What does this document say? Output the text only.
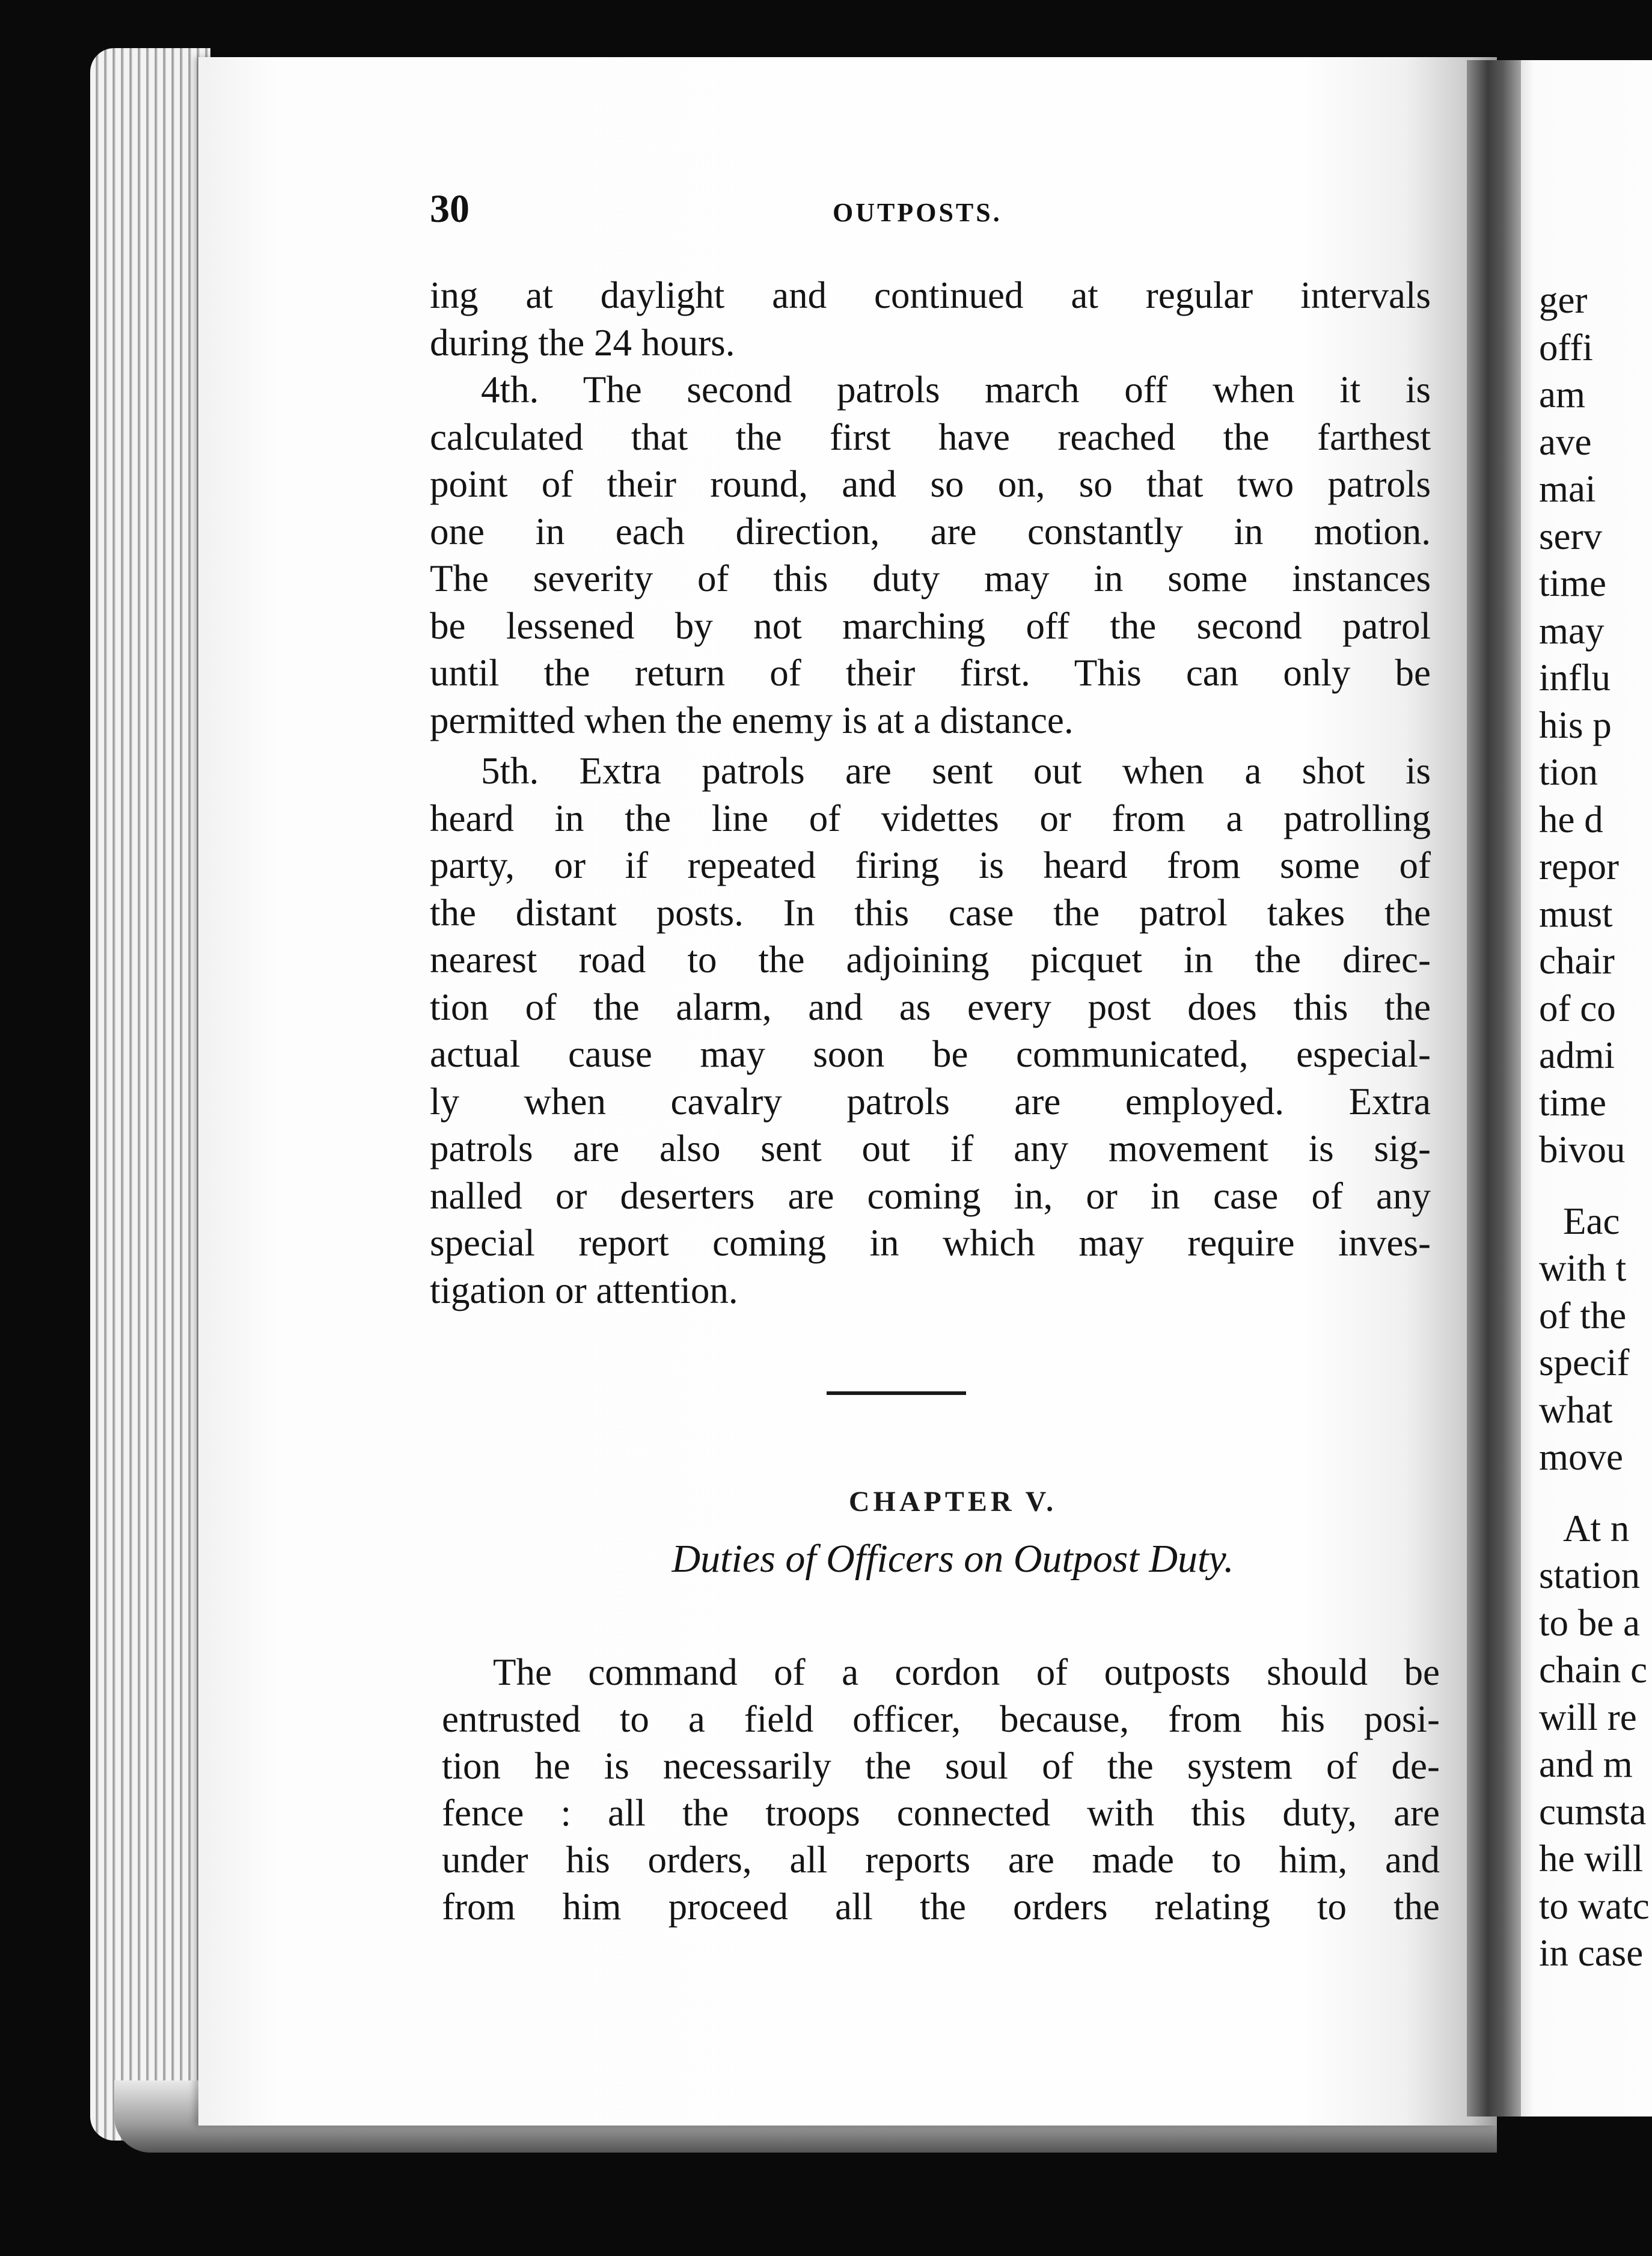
30	OUTPOSTS.

ing at daylight and continued at regular intervals

during the 24 hours.

4th. The second patrols march off when it is

calculated that the first have reached the farthest

point of their round, and so on, so that two patrols

one in each direction, are constantly in motion.

The severity of this duty may in some instances

be lessened by not marching off the second patrol

until the return of their first. This can only be

permitted when the enemy is at a distance.

5th. Extra patrols are sent out when a shot is

heard in the line of videttes or from a patrolling

party, or if repeated firing is heard from some of

the distant posts. In this case the patrol takes the

nearest road to the adjoining picquet in the direc-

tion of the alarm, and as every post does this the

actual cause may soon be communicated, especial-

ly when cavalry patrols are employed. Extra

patrols are also sent out if any movement is sig-

nalled or deserters are coming in, or in case of any

special report coming in which may require inves-

tigation or attention.

CHAPTER V.
Duties of Officers on Outpost Duty.

The command of a cordon of outposts should be

entrusted to a field officer, because, from his posi-

tion he is necessarily the soul of the system of de-

fence : all the troops connected with this duty, are

under his orders, all reports are made to him, and

from him proceed all the orders relating to the

ger
offi
am
ave
mai
serv
time
may
influ
his p
tion
he d
repor
must
chair
of co
admi
time
bivou
Eac
with t
of the
specif
what
move
At n
station
to be a
chain c
will re
and m
cumsta
he will
to watc
in case
